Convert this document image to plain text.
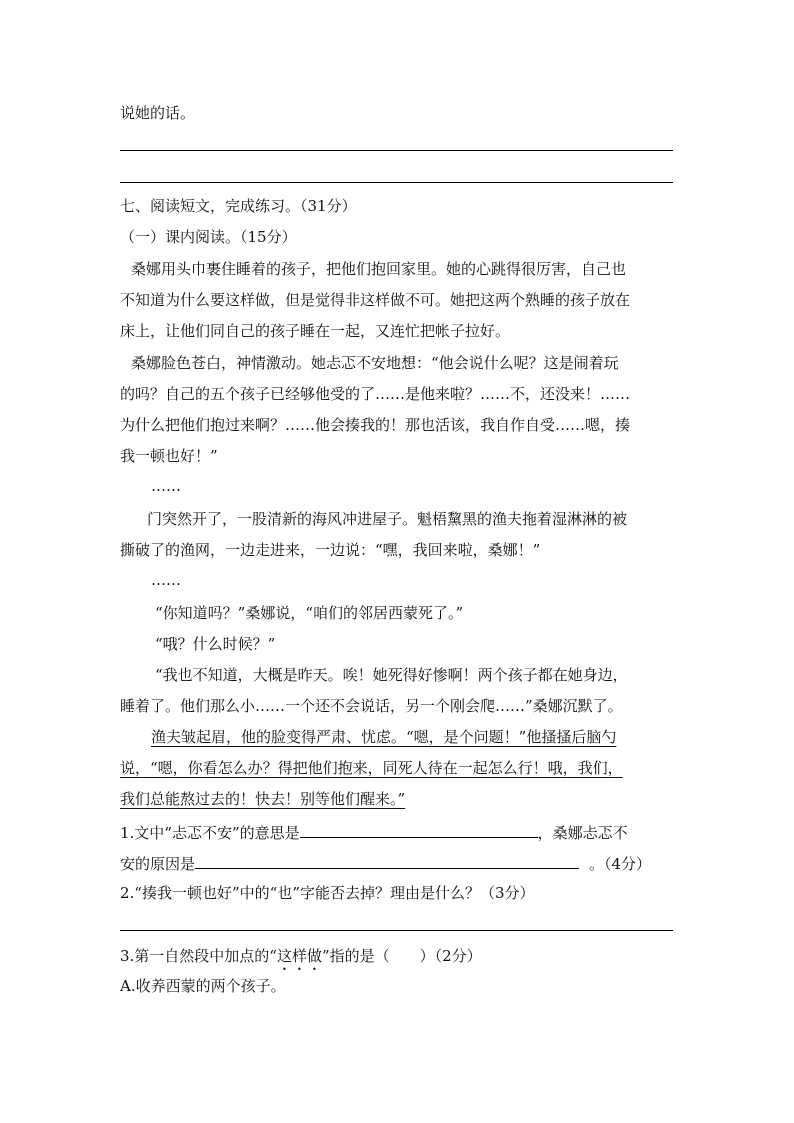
说她的话。
七、阅读短文，完成练习。（31分）
（一）课内阅读。（15分）
桑娜用头巾裹住睡着的孩子，把他们抱回家里。她的心跳得很厉害，自己也
不知道为什么要这样做，但是觉得非这样做不可。她把这两个熟睡的孩子放在
床上，让他们同自己的孩子睡在一起，又连忙把帐子拉好。
桑娜脸色苍白，神情激动。她忐忑不安地想：“他会说什么呢？这是闹着玩
的吗？自己的五个孩子已经够他受的了……是他来啦？……不，还没来！……
为什么把他们抱过来啊？……他会揍我的！那也活该，我自作自受……嗯，揍
我一顿也好！”
……
门突然开了，一股清新的海风冲进屋子。魁梧黧黑的渔夫拖着湿淋淋的被
撕破了的渔网，一边走进来，一边说：“嘿，我回来啦，桑娜！”
……
“你知道吗？”桑娜说，“咱们的邻居西蒙死了。”
“哦？什么时候？”
“我也不知道，大概是昨天。唉！她死得好惨啊！两个孩子都在她身边，
睡着了。他们那么小……一个还不会说话，另一个刚会爬……”桑娜沉默了。
渔夫皱起眉，他的脸变得严肃、忧虑。“嗯，是个问题！”他搔搔后脑勺
说，“嗯，你看怎么办？得把他们抱来，同死人待在一起怎么行！哦，我们，
我们总能熬过去的！快去！别等他们醒来。”
1.文中“忐忑不安”的意思是	，桑娜忐忑不
安的原因是	。（4分）
2.“揍我一顿也好”中的“也”字能否去掉？理由是什么？（3分）
3.第一自然段中加点的“这样做”指的是（　　）（2分）
A.收养西蒙的两个孩子。
